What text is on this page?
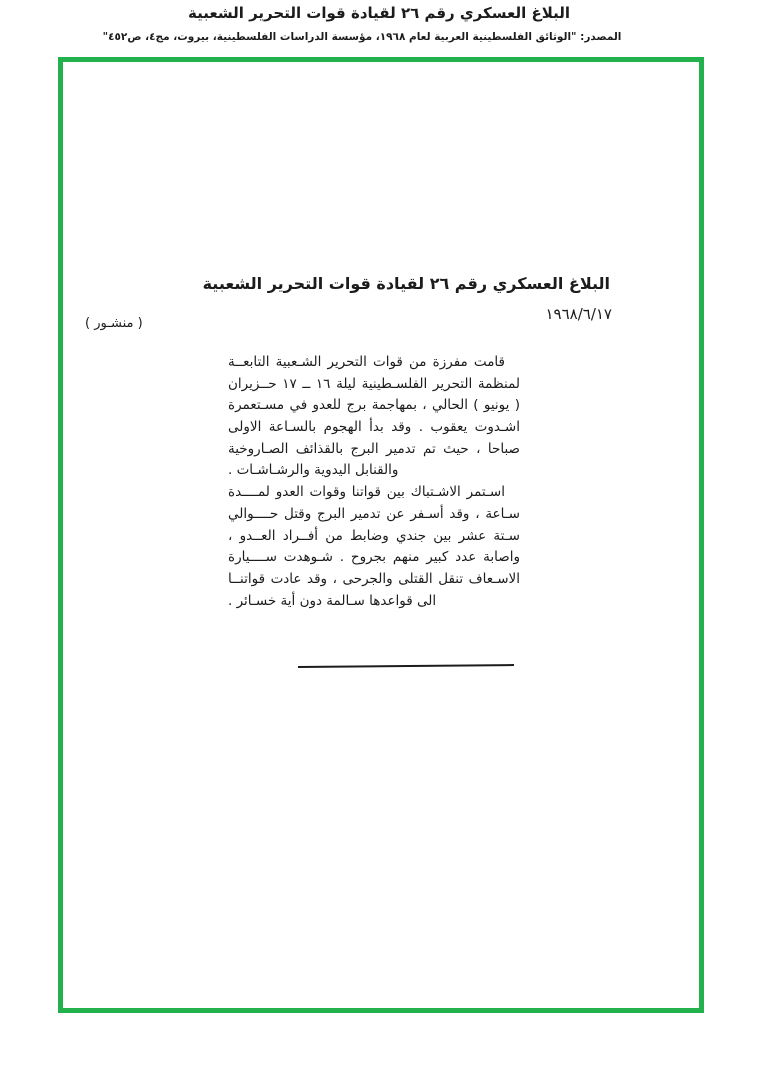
البلاغ العسكري رقم ٢٦ لقيادة قوات التحرير الشعبية
المصدر: "الوثائق الفلسطينية العربية لعام ١٩٦٨، مؤسسة الدراسات الفلسطينية، بيروت، مج٤، ص٤٥٢"
البلاغ العسكري رقم ٢٦ لقيادة قوات التحرير الشعبية
١٩٦٨/٦/١٧
( منشـور )
قامت مفرزة من قوات التحرير الشـعبية التابعــة
لمنظمة التحرير الفلسـطينية ليلة ١٦ ــ ١٧ حــزيران
( يونيو ) الحالي ، بمهاجمة برج للعدو في مسـتعمرة
اشـدوت يعقوب . وقد بدأ الهجوم بالسـاعة الاولى
صباحا ، حيث تم تدمير البرج بالقذائف الصـاروخية
والقنابل اليدوية والرشـاشـات .
اسـتمر الاشـتباك بين قواتنا وقوات العدو لمــــدة
سـاعة ، وقد أسـفر عن تدمير البرج وقتل حــــوالي
سـتة عشر بين جندي وضابط من أفــراد العــدو ،
واصابة عدد كبير منهم بجروح . شـوهدت ســــيارة
الاسـعاف تنقل القتلى والجرحى ، وقد عادت قواتنــا
الى قواعدها سـالمة دون أية خسـائر .
